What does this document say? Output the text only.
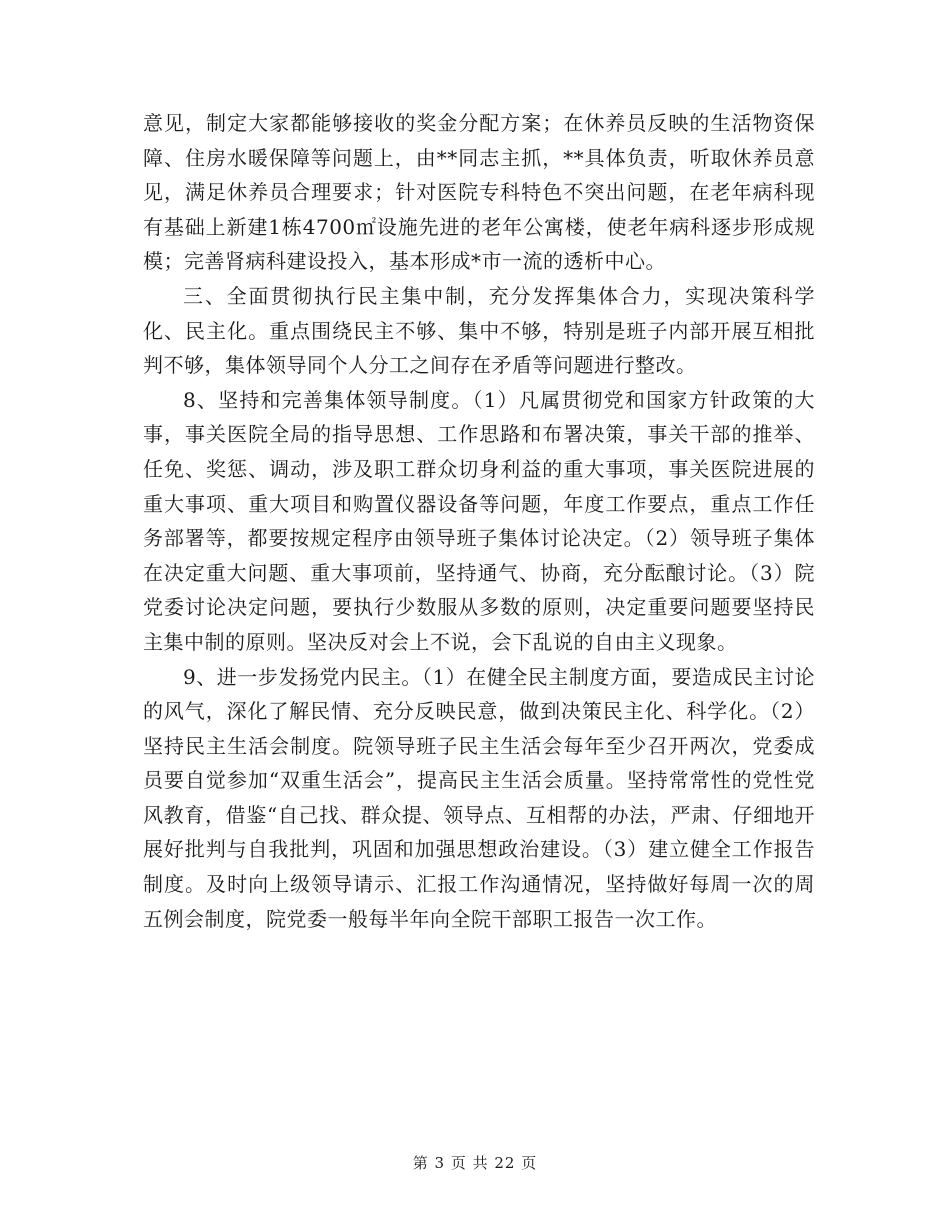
意见，制定大家都能够接收的奖金分配方案；在休养员反映的生活物资保障、住房水暖保障等问题上，由**同志主抓，**具体负责，听取休养员意见，满足休养员合理要求；针对医院专科特色不突出问题，在老年病科现有基础上新建1栋4700㎡设施先进的老年公寓楼，使老年病科逐步形成规模；完善肾病科建设投入，基本形成*市一流的透析中心。

三、全面贯彻执行民主集中制，充分发挥集体合力，实现决策科学化、民主化。重点围绕民主不够、集中不够，特别是班子内部开展互相批判不够，集体领导同个人分工之间存在矛盾等问题进行整改。

8、坚持和完善集体领导制度。（1）凡属贯彻党和国家方针政策的大事，事关医院全局的指导思想、工作思路和布署决策，事关干部的推举、任免、奖惩、调动，涉及职工群众切身利益的重大事项，事关医院进展的重大事项、重大项目和购置仪器设备等问题，年度工作要点，重点工作任务部署等，都要按规定程序由领导班子集体讨论决定。（2）领导班子集体在决定重大问题、重大事项前，坚持通气、协商，充分酝酿讨论。（3）院党委讨论决定问题，要执行少数服从多数的原则，决定重要问题要坚持民主集中制的原则。坚决反对会上不说，会下乱说的自由主义现象。

9、进一步发扬党内民主。（1）在健全民主制度方面，要造成民主讨论的风气，深化了解民情、充分反映民意，做到决策民主化、科学化。（2）坚持民主生活会制度。院领导班子民主生活会每年至少召开两次，党委成员要自觉参加“双重生活会”，提高民主生活会质量。坚持常常性的党性党风教育，借鉴“自己找、群众提、领导点、互相帮的办法，严肃、仔细地开展好批判与自我批判，巩固和加强思想政治建设。（3）建立健全工作报告制度。及时向上级领导请示、汇报工作沟通情况，坚持做好每周一次的周五例会制度，院党委一般每半年向全院干部职工报告一次工作。

第 3 页 共 22 页
